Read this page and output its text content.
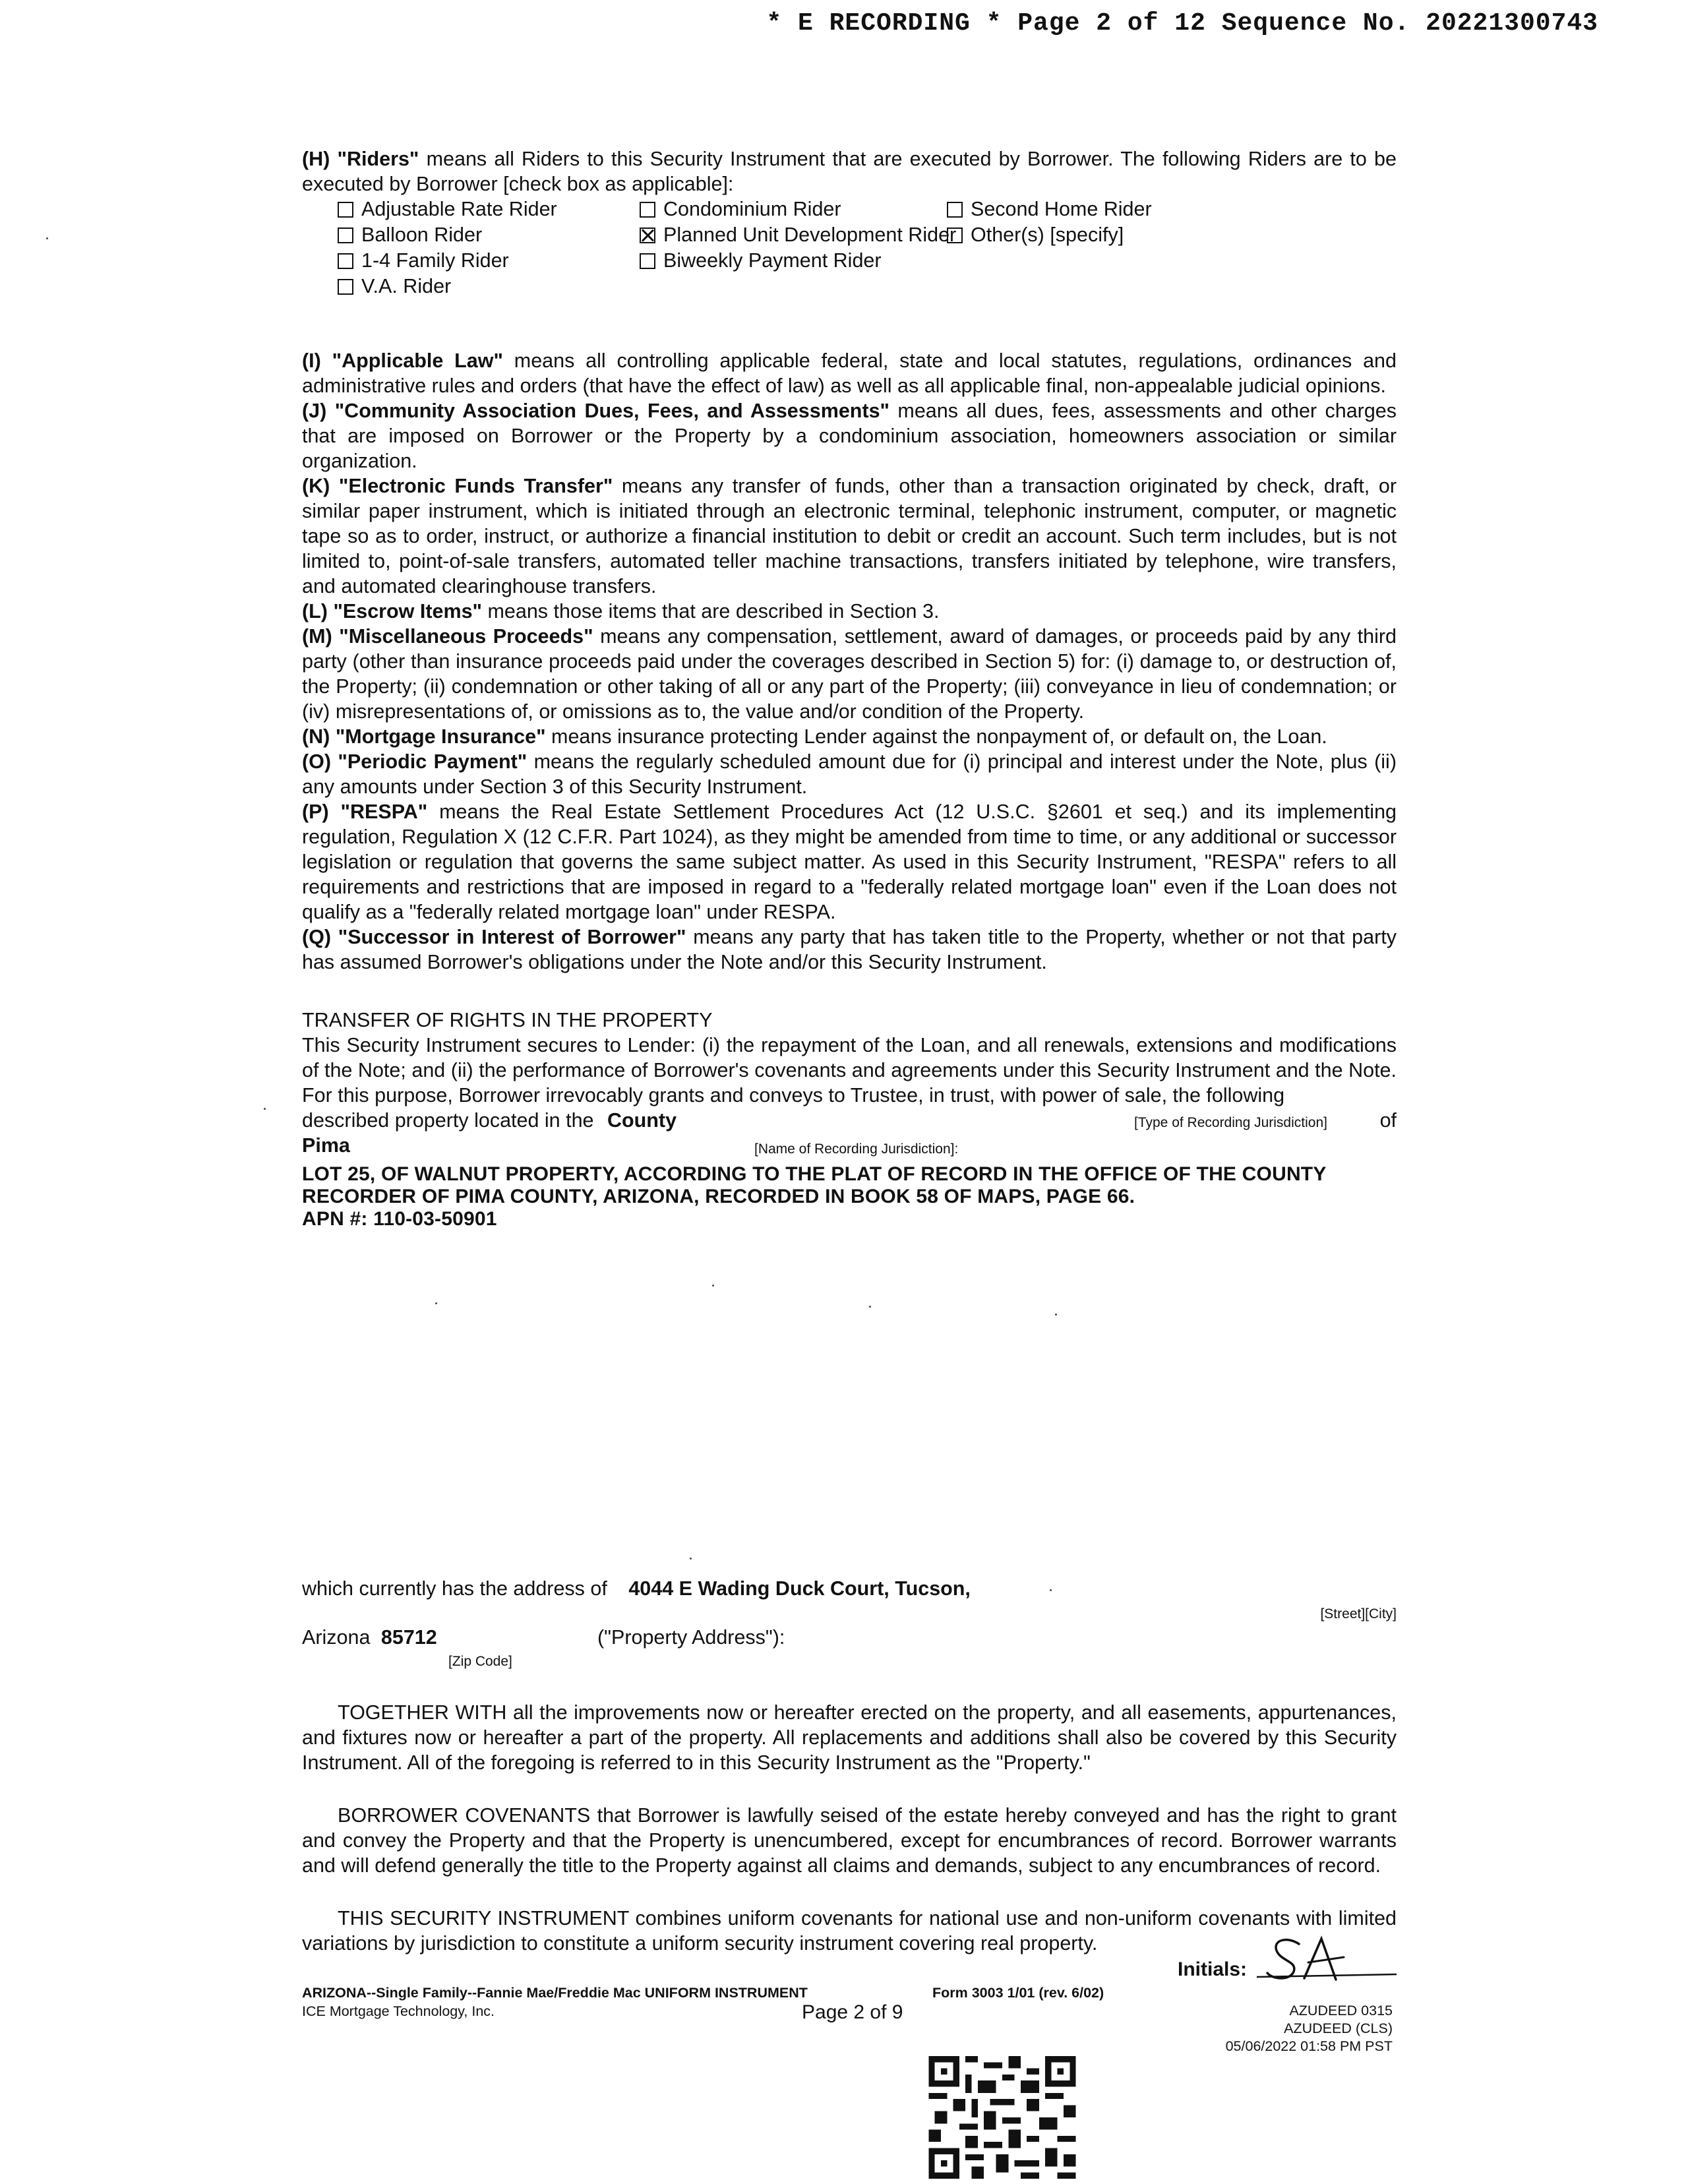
* E RECORDING * Page 2 of 12 Sequence No. 20221300743

(H) "Riders" means all Riders to this Security Instrument that are executed by Borrower. The following Riders are to be executed by Borrower [check box as applicable]:

Adjustable Rate Rider	Condominium Rider	Second Home Rider
Balloon Rider	Planned Unit Development Rider Other(s) [specify]
1-4 Family Rider	Biweekly Payment Rider
V.A. Rider

(I) "Applicable Law" means all controlling applicable federal, state and local statutes, regulations, ordinances and administrative rules and orders (that have the effect of law) as well as all applicable final, non-appealable judicial opinions.

(J) "Community Association Dues, Fees, and Assessments" means all dues, fees, assessments and other charges that are imposed on Borrower or the Property by a condominium association, homeowners association or similar organization.

(K) "Electronic Funds Transfer" means any transfer of funds, other than a transaction originated by check, draft, or similar paper instrument, which is initiated through an electronic terminal, telephonic instrument, computer, or magnetic tape so as to order, instruct, or authorize a financial institution to debit or credit an account. Such term includes, but is not limited to, point-of-sale transfers, automated teller machine transactions, transfers initiated by telephone, wire transfers, and automated clearinghouse transfers.

(L) "Escrow Items" means those items that are described in Section 3.

(M) "Miscellaneous Proceeds" means any compensation, settlement, award of damages, or proceeds paid by any third party (other than insurance proceeds paid under the coverages described in Section 5) for: (i) damage to, or destruction of, the Property; (ii) condemnation or other taking of all or any part of the Property; (iii) conveyance in lieu of condemnation; or (iv) misrepresentations of, or omissions as to, the value and/or condition of the Property.

(N) "Mortgage Insurance" means insurance protecting Lender against the nonpayment of, or default on, the Loan.

(O) "Periodic Payment" means the regularly scheduled amount due for (i) principal and interest under the Note, plus (ii) any amounts under Section 3 of this Security Instrument.

(P) "RESPA" means the Real Estate Settlement Procedures Act (12 U.S.C. §2601 et seq.) and its implementing regulation, Regulation X (12 C.F.R. Part 1024), as they might be amended from time to time, or any additional or successor legislation or regulation that governs the same subject matter. As used in this Security Instrument, "RESPA" refers to all requirements and restrictions that are imposed in regard to a "federally related mortgage loan" even if the Loan does not qualify as a "federally related mortgage loan" under RESPA.

(Q) "Successor in Interest of Borrower" means any party that has taken title to the Property, whether or not that party has assumed Borrower's obligations under the Note and/or this Security Instrument.

TRANSFER OF RIGHTS IN THE PROPERTY

This Security Instrument secures to Lender: (i) the repayment of the Loan, and all renewals, extensions and modifications of the Note; and (ii) the performance of Borrower's covenants and agreements under this Security Instrument and the Note. For this purpose, Borrower irrevocably grants and conveys to Trustee, in trust, with power of sale, the following

described property located in the County	[Type of Recording Jurisdiction]	of
Pima	[Name of Recording Jurisdiction]:
LOT 25, OF WALNUT PROPERTY, ACCORDING TO THE PLAT OF RECORD IN THE OFFICE OF THE COUNTY
RECORDER OF PIMA COUNTY, ARIZONA, RECORDED IN BOOK 58 OF MAPS, PAGE 66.
APN #: 110-03-50901
which currently has the address of 4044 E Wading Duck Court, Tucson,
[Street][City]
Arizona 85712	("Property Address"):
[Zip Code]

TOGETHER WITH all the improvements now or hereafter erected on the property, and all easements, appurtenances, and fixtures now or hereafter a part of the property. All replacements and additions shall also be covered by this Security Instrument. All of the foregoing is referred to in this Security Instrument as the "Property."

BORROWER COVENANTS that Borrower is lawfully seised of the estate hereby conveyed and has the right to grant and convey the Property and that the Property is unencumbered, except for encumbrances of record. Borrower warrants and will defend generally the title to the Property against all claims and demands, subject to any encumbrances of record.

THIS SECURITY INSTRUMENT combines uniform covenants for national use and non-uniform covenants with limited variations by jurisdiction to constitute a uniform security instrument covering real property.

Initials:
ARIZONA--Single Family--Fannie Mae/Freddie Mac UNIFORM INSTRUMENT
ICE Mortgage Technology, Inc.
Form 3003 1/01 (rev. 6/02)
Page 2 of 9	AZUDEED 0315
AZUDEED (CLS)
05/06/2022 01:58 PM PST
